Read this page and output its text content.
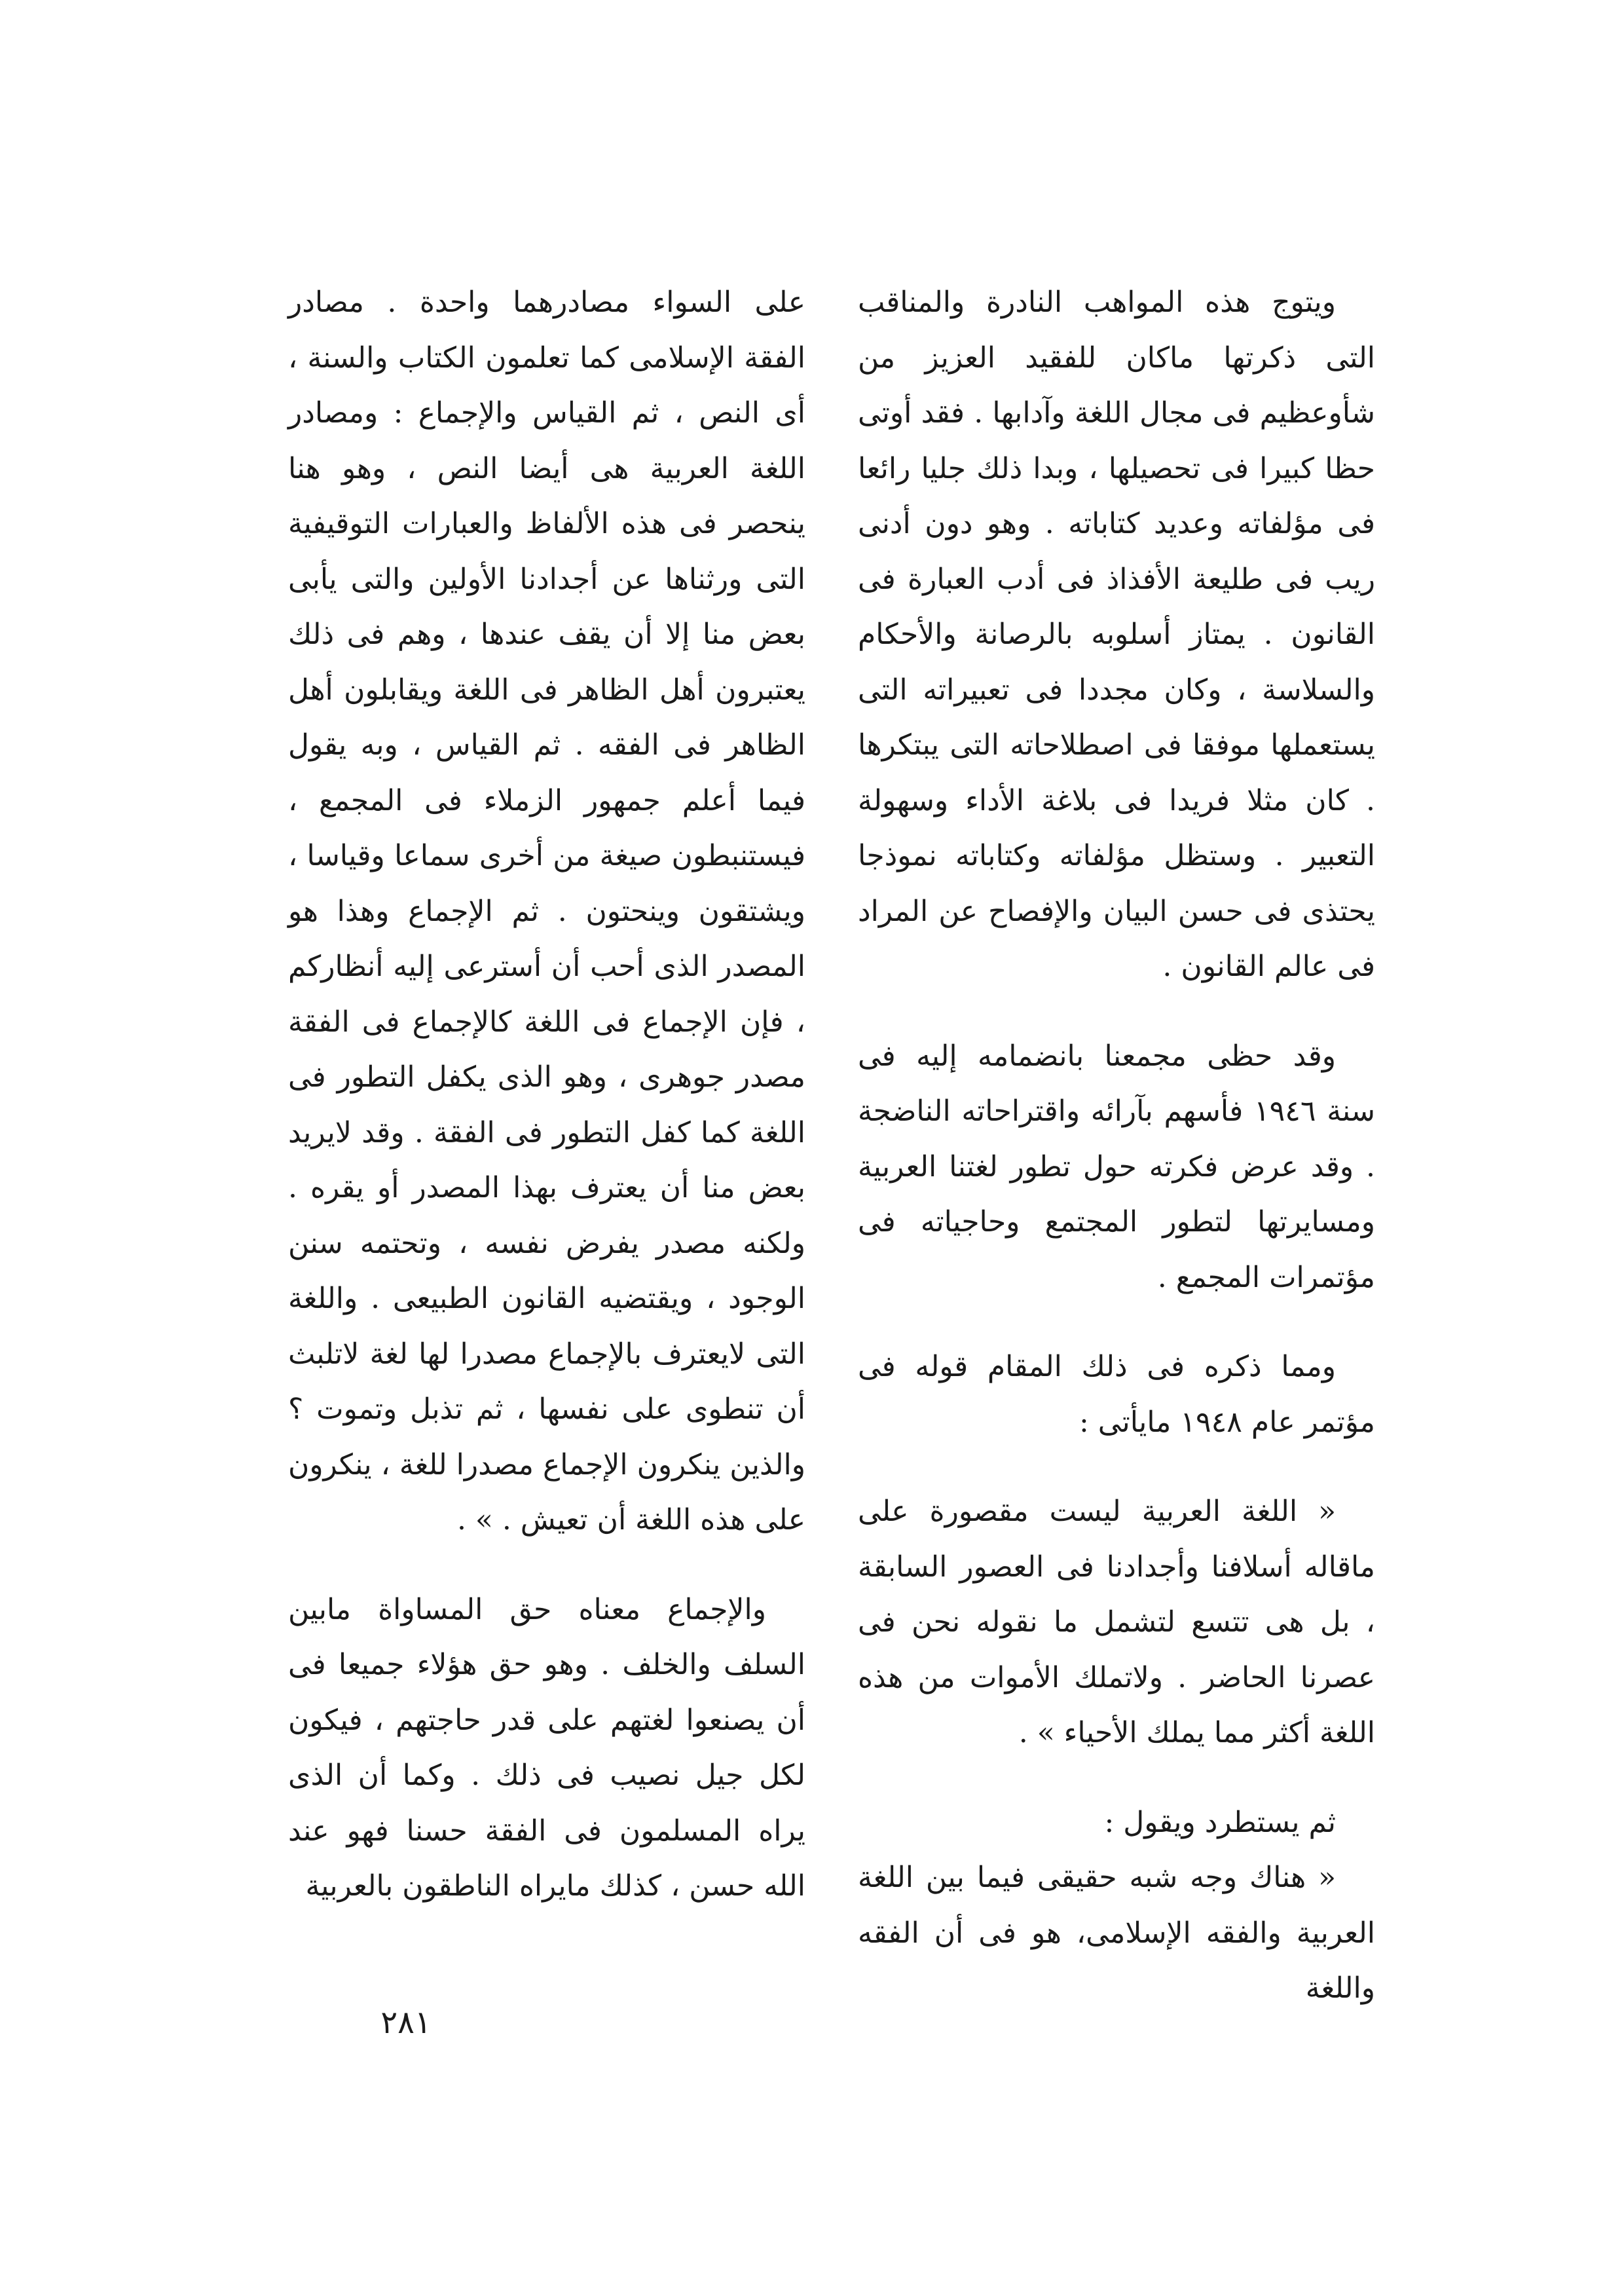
ويتوج هذه المواهب النادرة والمناقب التى ذكرتها ماكان للفقيد العزيز من شأوعظيم فى مجال اللغة وآدابها . فقد أوتى حظا كبيرا فى تحصيلها ، وبدا ذلك جليا رائعا فى مؤلفاته وعديد كتاباته . وهو دون أدنى ريب فى طليعة الأفذاذ فى أدب العبارة فى القانون . يمتاز أسلوبه بالرصانة والأحكام والسلاسة ، وكان مجددا فى تعبيراته التى يستعملها موفقا فى اصطلاحاته التى يبتكرها . كان مثلا فريدا فى بلاغة الأداء وسهولة التعبير . وستظل مؤلفاته وكتاباته نموذجا يحتذى فى حسن البيان والإفصاح عن المراد فى عالم القانون .

وقد حظى مجمعنا بانضمامه إليه فى سنة ١٩٤٦ فأسهم بآرائه واقتراحاته الناضجة . وقد عرض فكرته حول تطور لغتنا العربية ومسايرتها لتطور المجتمع وحاجياته فى مؤتمرات المجمع .

ومما ذكره فى ذلك المقام قوله فى مؤتمر عام ١٩٤٨ مايأتى :

« اللغة العربية ليست مقصورة على ماقاله أسلافنا وأجدادنا فى العصور السابقة ، بل هى تتسع لتشمل ما نقوله نحن فى عصرنا الحاضر . ولاتملك الأموات من هذه اللغة أكثر مما يملك الأحياء » .

ثم يستطرد ويقول :

« هناك وجه شبه حقيقى فيما بين اللغة العربية والفقه الإسلامى، هو فى أن الفقه واللغة

على السواء مصادرهما واحدة . مصادر الفقة الإسلامى كما تعلمون الكتاب والسنة ، أى النص ، ثم القياس والإجماع : ومصادر اللغة العربية هى أيضا النص ، وهو هنا ينحصر فى هذه الألفاظ والعبارات التوقيفية التى ورثناها عن أجدادنا الأولين والتى يأبى بعض منا إلا أن يقف عندها ، وهم فى ذلك يعتبرون أهل الظاهر فى اللغة ويقابلون أهل الظاهر فى الفقه . ثم القياس ، وبه يقول فيما أعلم جمهور الزملاء فى المجمع ، فيستنبطون صيغة من أخرى سماعا وقياسا ، ويشتقون وينحتون . ثم الإجماع وهذا هو المصدر الذى أحب أن أسترعى إليه أنظاركم ، فإن الإجماع فى اللغة كالإجماع فى الفقة مصدر جوهرى ، وهو الذى يكفل التطور فى اللغة كما كفل التطور فى الفقة . وقد لايريد بعض منا أن يعترف بهذا المصدر أو يقره . ولكنه مصدر يفرض نفسه ، وتحتمه سنن الوجود ، ويقتضيه القانون الطبيعى . واللغة التى لايعترف بالإجماع مصدرا لها لغة لاتلبث أن تنطوى على نفسها ، ثم تذبل وتموت ؟ والذين ينكرون الإجماع مصدرا للغة ، ينكرون على هذه اللغة أن تعيش . » .

والإجماع معناه حق المساواة مابين السلف والخلف . وهو حق هؤلاء جميعا فى أن يصنعوا لغتهم على قدر حاجتهم ، فيكون لكل جيل نصيب فى ذلك . وكما أن الذى يراه المسلمون فى الفقة حسنا فهو عند الله حسن ، كذلك مايراه الناطقون بالعربية

٢٨١
